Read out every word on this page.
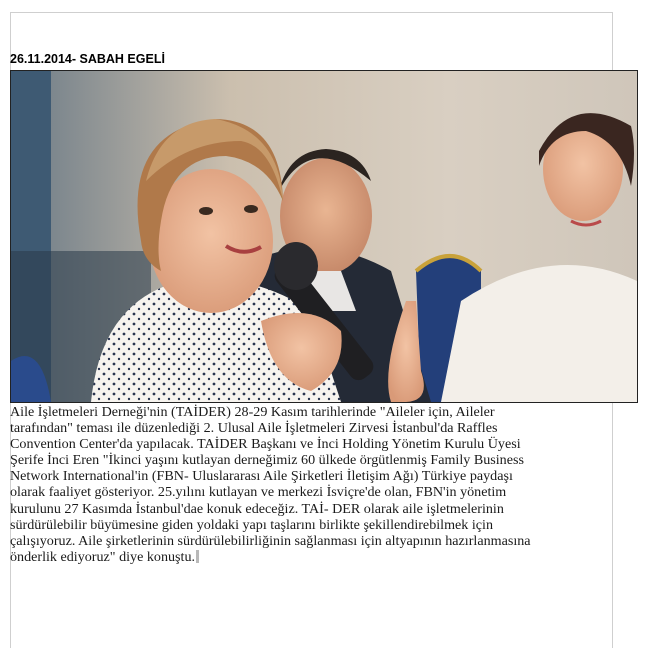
26.11.2014- SABAH EGELİ
Aile İşletmeleri Derneği'nin (TAİDER) 28-29 Kasım tarihlerinde "Aileler için, Aileler
tarafından" teması ile düzenlediği 2. Ulusal Aile İşletmeleri Zirvesi İstanbul'da Raffles
Convention Center'da yapılacak. TAİDER Başkanı ve İnci Holding Yönetim Kurulu Üyesi
Şerife İnci Eren "İkinci yaşını kutlayan derneğimiz 60 ülkede örgütlenmiş Family Business
Network International'in (FBN- Uluslararası Aile Şirketleri İletişim Ağı) Türkiye paydaşı
olarak faaliyet gösteriyor. 25.yılını kutlayan ve merkezi İsviçre'de olan, FBN'in yönetim
kurulunu 27 Kasımda İstanbul'dae konuk edeceğiz. TAİ- DER olarak aile işletmelerinin
sürdürülebilir büyümesine giden yoldaki yapı taşlarını birlikte şekillendirebilmek için
çalışıyoruz. Aile şirketlerinin sürdürülebilirliğinin sağlanması için altyapının hazırlanmasına
önderlik ediyoruz" diye konuştu.
